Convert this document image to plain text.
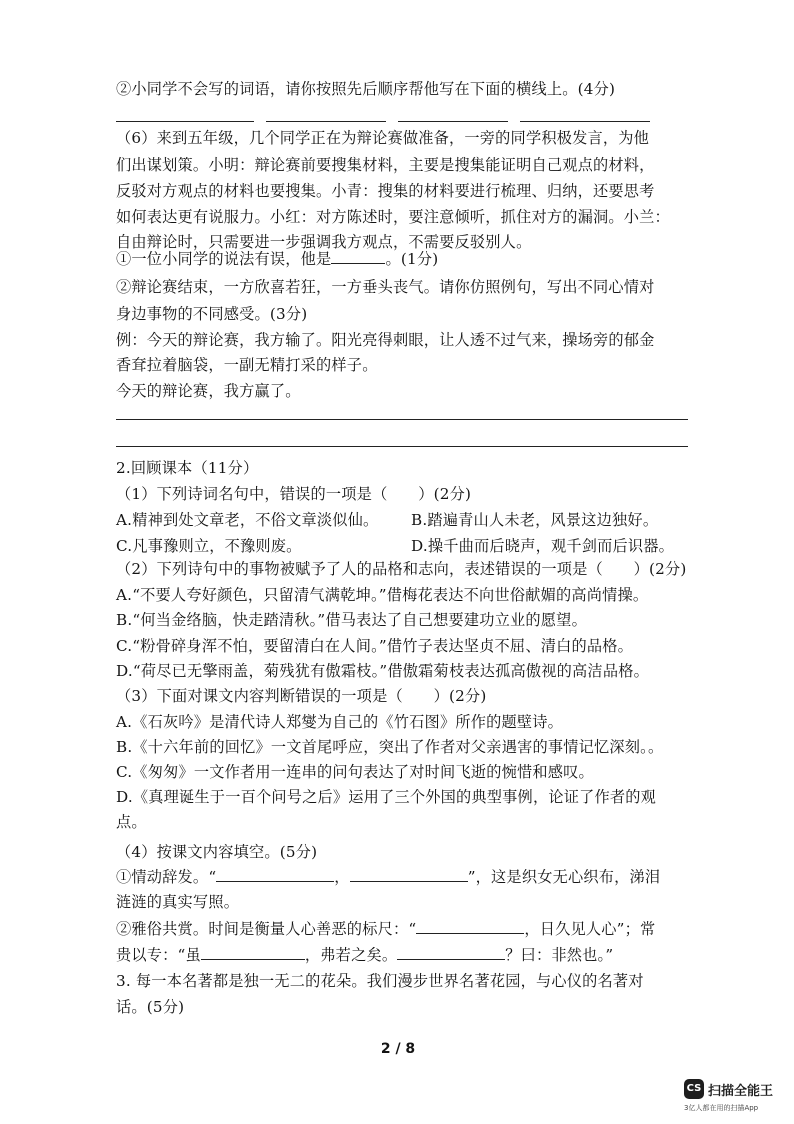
②小同学不会写的词语，请你按照先后顺序帮他写在下面的横线上。(4分)
（6）来到五年级，几个同学正在为辩论赛做准备，一旁的同学积极发言，为他
们出谋划策。小明：辩论赛前要搜集材料，主要是搜集能证明自己观点的材料，
反驳对方观点的材料也要搜集。小青：搜集的材料要进行梳理、归纳，还要思考
如何表达更有说服力。小红：对方陈述时，要注意倾听，抓住对方的漏洞。小兰：
自由辩论时，只需要进一步强调我方观点，不需要反驳别人。
①一位小同学的说法有误，他是	。(1分)
②辩论赛结束，一方欣喜若狂，一方垂头丧气。请你仿照例句，写出不同心情对
身边事物的不同感受。(3分)
例：今天的辩论赛，我方输了。阳光亮得刺眼，让人透不过气来，操场旁的郁金
香耷拉着脑袋，一副无精打采的样子。
今天的辩论赛，我方赢了。
2.回顾课本（11分）
（1）下列诗词名句中，错误的一项是（　　）(2分)
A.精神到处文章老，不俗文章淡似仙。 B.踏遍青山人未老，风景这边独好。
C.凡事豫则立，不豫则废。	D.操千曲而后晓声，观千剑而后识器。
（2）下列诗句中的事物被赋予了人的品格和志向，表述错误的一项是（　　）(2分)
A.“不要人夸好颜色，只留清气满乾坤。”借梅花表达不向世俗献媚的高尚情操。
B.“何当金络脑，快走踏清秋。”借马表达了自己想要建功立业的愿望。
C.“粉骨碎身浑不怕，要留清白在人间。”借竹子表达坚贞不屈、清白的品格。
D.“荷尽已无擎雨盖，菊残犹有傲霜枝。”借傲霜菊枝表达孤高傲视的高洁品格。
（3）下面对课文内容判断错误的一项是（　　）(2分)
A.《石灰吟》是清代诗人郑燮为自己的《竹石图》所作的题壁诗。
B.《十六年前的回忆》一文首尾呼应，突出了作者对父亲遇害的事情记忆深刻。。
C.《匆匆》一文作者用一连串的问句表达了对时间飞逝的惋惜和感叹。
D.《真理诞生于一百个问号之后》运用了三个外国的典型事例，论证了作者的观
点。
（4）按课文内容填空。(5分)
①情动辞发。“	，	”，这是织女无心织布，涕泪
涟涟的真实写照。
②雅俗共赏。时间是衡量人心善恶的标尺：“	，日久见人心”；常
贵以专：“虽	，弗若之矣。	？曰：非然也。”
3. 每一本名著都是独一无二的花朵。我们漫步世界名著花园，与心仪的名著对
话。(5分)
2 / 8
CS 扫描全能王
3亿人都在用的扫描App
